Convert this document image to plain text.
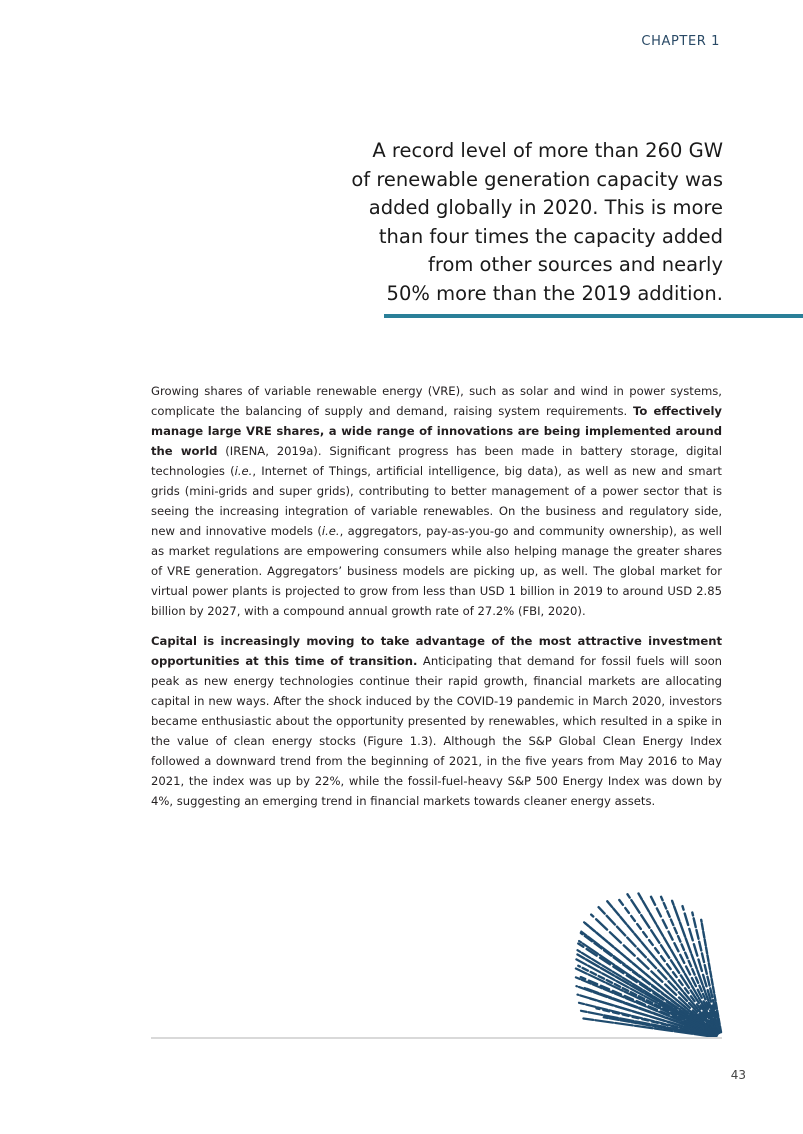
CHAPTER 1
A record level of more than 260 GW
of renewable generation capacity was
added globally in 2020. This is more
than four times the capacity added
from other sources and nearly
50% more than the 2019 addition.

Growing shares of variable renewable energy (VRE), such as solar and wind in power systems, complicate the balancing of supply and demand, raising system requirements. To effectively manage large VRE shares, a wide range of innovations are being implemented around the world (IRENA, 2019a). Significant progress has been made in battery storage, digital technologies (i.e., Internet of Things, artificial intelligence, big data), as well as new and smart grids (mini-grids and super grids), contributing to better management of a power sector that is seeing the increasing integration of variable renewables. On the business and regulatory side, new and innovative models (i.e., aggregators, pay-as-you-go and community ownership), as well as market regulations are empowering consumers while also helping manage the greater shares of VRE generation. Aggregators’ business models are picking up, as well. The global market for virtual power plants is projected to grow from less than USD 1 billion in 2019 to around USD 2.85 billion by 2027, with a compound annual growth rate of 27.2% (FBI, 2020).

Capital is increasingly moving to take advantage of the most attractive investment opportunities at this time of transition. Anticipating that demand for fossil fuels will soon peak as new energy technologies continue their rapid growth, financial markets are allocating capital in new ways. After the shock induced by the COVID-19 pandemic in March 2020, investors became enthusiastic about the opportunity presented by renewables, which resulted in a spike in the value of clean energy stocks (Figure 1.3). Although the S&P Global Clean Energy Index followed a downward trend from the beginning of 2021, in the five years from May 2016 to May 2021, the index was up by 22%, while the fossil-fuel-heavy S&P 500 Energy Index was down by 4%, suggesting an emerging trend in financial markets towards cleaner energy assets.

43
